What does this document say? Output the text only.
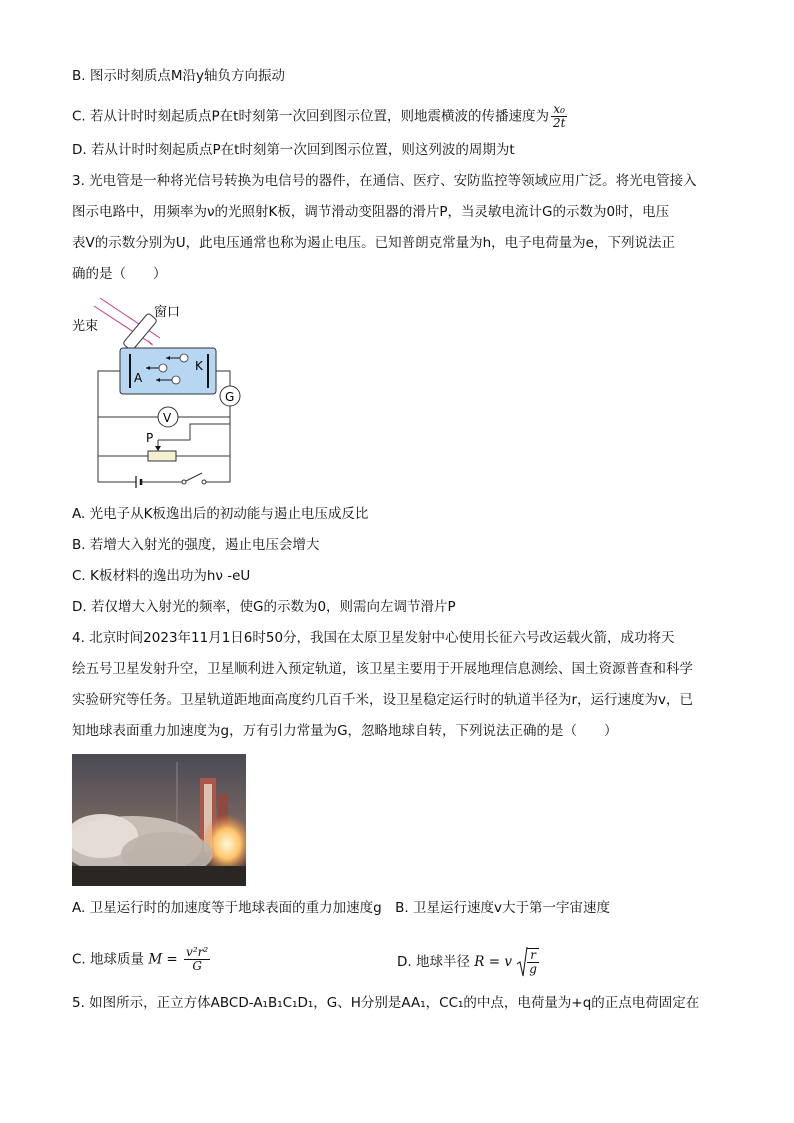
B. 图示时刻质点M沿y轴负方向振动
C. 若从计时时刻起质点P在t时刻第一次回到图示位置，则地震横波的传播速度为 $\frac{\text{x₀}}{2t}$
D. 若从计时时刻起质点P在t时刻第一次回到图示位置，则这列波的周期为t
3. 光电管是一种将光信号转换为电信号的器件，在通信、医疗、安防监控等领域应用广泛。将光电管接入
图示电路中，用频率为ν的光照射K板，调节滑动变阻器的滑片P，当灵敏电流计G的示数为0时，电压
表V的示数分别为U，此电压通常也称为遏止电压。已知普朗克常量为h，电子电荷量为e，下列说法正
确的是（　　）
窗口
光束
A
K
G
V
P
A. 光电子从K板逸出后的初动能与遏止电压成反比
B. 若增大入射光的强度，遏止电压会增大
C. K板材料的逸出功为hν -eU
D. 若仅增大入射光的频率，使G的示数为0，则需向左调节滑片P
4. 北京时间2023年11月1日6时50分，我国在太原卫星发射中心使用长征六号改运载火箭，成功将天
绘五号卫星发射升空，卫星顺利进入预定轨道，该卫星主要用于开展地理信息测绘、国土资源普查和科学
实验研究等任务。卫星轨道距地面高度约几百千米，设卫星稳定运行时的轨道半径为r，运行速度为v，已
知地球表面重力加速度为g，万有引力常量为G，忽略地球自转，下列说法正确的是（　　）
A. 卫星运行时的加速度等于地球表面的重力加速度g　B. 卫星运行速度v大于第一宇宙速度
C. 地球质量 $M = \frac{\text{v²r²}}{G}$	D. 地球半径 R = v $\frac{r}{g}$
5. 如图所示，正立方体ABCD-A₁B₁C₁D₁，G、H分别是AA₁，CC₁的中点，电荷量为+q的正点电荷固定在
